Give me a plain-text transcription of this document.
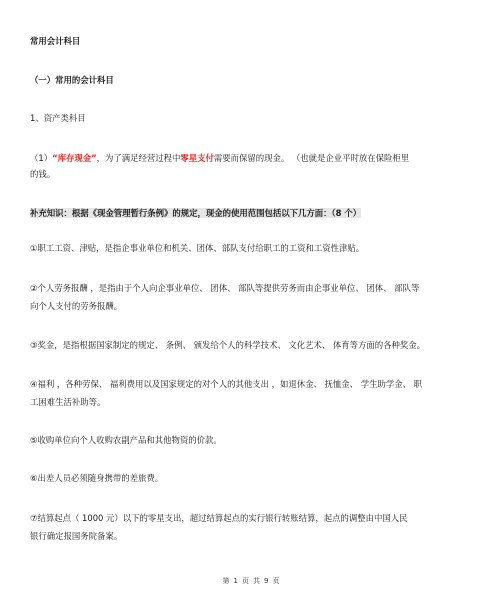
常用会计科目
（一）常用的会计科目
1、资产类科目
（1）“库存现金”，为了满足经营过程中零星支付需要而保留的现金。 （也就是企业平时放在保险柜里
的钱。
补充知识：根据《现金管理暂行条例》的规定，现金的使用范围包括以下几方面：（8 个）
①职工工资、津贴，是指企事业单位和机关、团体、部队支付给职工的工资和工资性津贴。
②个人劳务报酬 ，是指由于个人向企事业单位、 团体、 部队等提供劳务而由企事业单位、 团体、 部队等
向个人支付的劳务报酬。
③奖金，是指根据国家制定的规定、 条例、 颁发给个人的科学技术、 文化艺术、 体育等方面的各种奖金。
④福利 ，各种劳保、 福利费用以及国家规定的对个人的其他支出 ，如退休金、 抚恤金、 学生助学金、 职
工困难生活补助等。
⑤收购单位向个人收购农副产品和其他物资的价款。
⑥出差人员必须随身携带的差旅费。
⑦结算起点（ 1000 元）以下的零星支出，超过结算起点的实行银行转账结算，起点的调整由中国人民
银行确定报国务院备案。
第 1 页 共 9 页
